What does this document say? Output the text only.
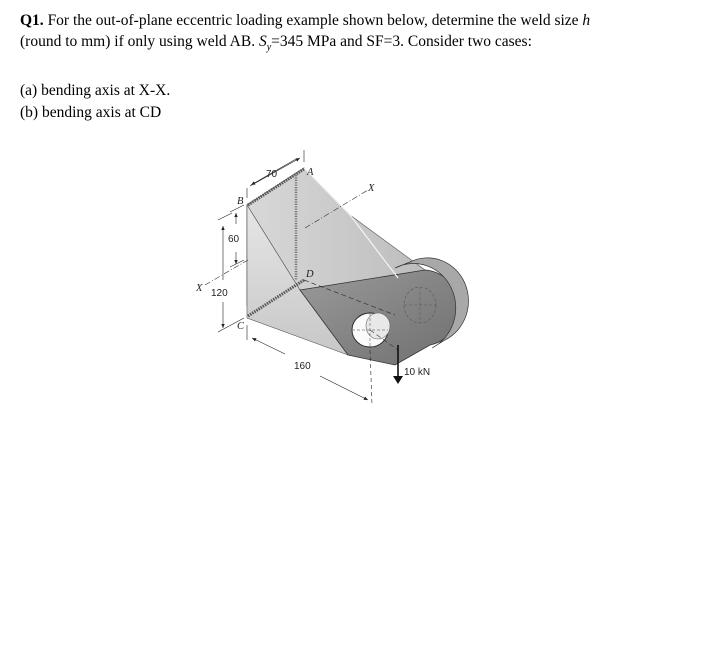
Q1. For the out-of-plane eccentric loading example shown below, determine the weld size h

(round to mm) if only using weld AB. $S_y=345$ MPa and SF=3. Consider two cases:

(a) bending axis at X-X.
(b) bending axis at CD
70
60
120
160
A
B
C
D
X
X
10 kN
